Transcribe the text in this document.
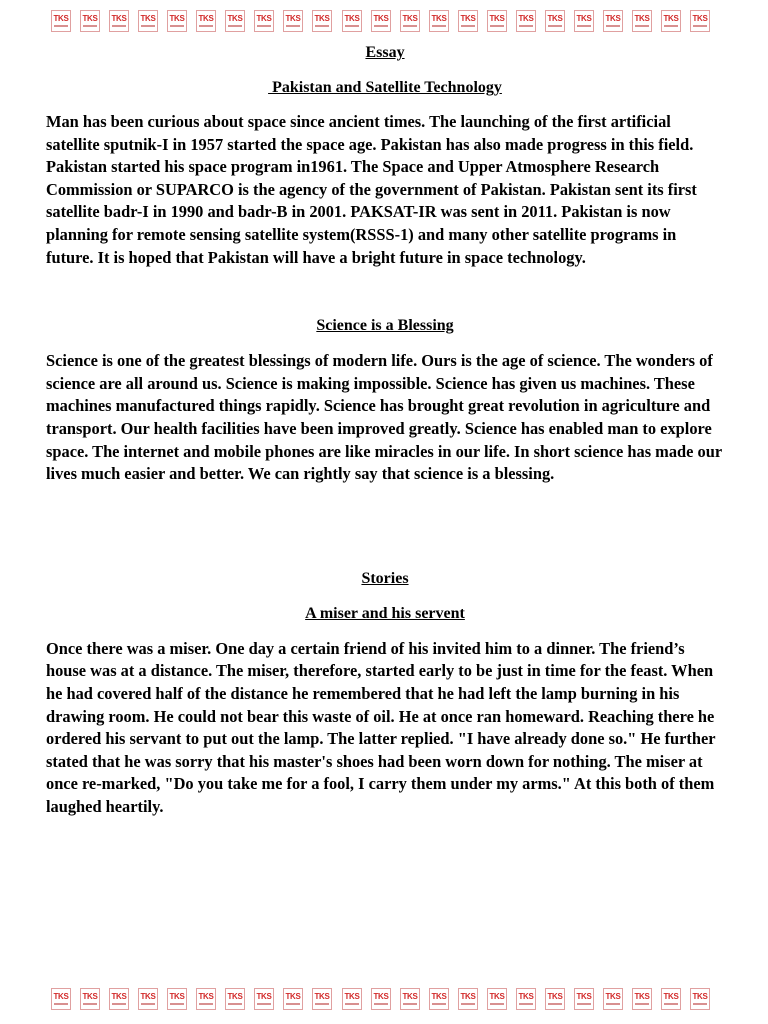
TKS TKS TKS TKS TKS TKS TKS TKS TKS TKS TKS TKS TKS TKS TKS TKS TKS TKS TKS TKS TKS TKS TKS
Essay
Pakistan and Satellite Technology

Man has been curious about space since ancient times. The launching of the first artificial satellite sputnik-I in 1957 started the space age. Pakistan has also made progress in this field. Pakistan started his space program in1961. The Space and Upper Atmosphere Research Commission or SUPARCO is the agency of the government of Pakistan. Pakistan sent its first satellite badr-I in 1990 and badr-B in 2001. PAKSAT-IR was sent in 2011. Pakistan is now planning for remote sensing satellite system(RSSS-1) and many other satellite programs in future. It is hoped that Pakistan will have a bright future in space technology.

Science is a Blessing

Science is one of the greatest blessings of modern life. Ours is the age of science. The wonders of science are all around us. Science is making impossible. Science has given us machines. These machines manufactured things rapidly. Science has brought great revolution in agriculture and transport. Our health facilities have been improved greatly. Science has enabled man to explore space. The internet and mobile phones are like miracles in our life. In short science has made our lives much easier and better. We can rightly say that science is a blessing.

Stories
A miser and his servent

Once there was a miser. One day a certain friend of his invited him to a dinner. The friend’s house was at a distance. The miser, therefore, started early to be just in time for the feast. When he had covered half of the distance he remembered that he had left the lamp burning in his drawing room. He could not bear this waste of oil. He at once ran homeward. Reaching there he ordered his servant to put out the lamp. The latter replied. "I have already done so." He further stated that he was sorry that his master's shoes had been worn down for nothing. The miser at once re-marked, "Do you take me for a fool, I carry them under my arms." At this both of them laughed heartily.

TKS TKS TKS TKS TKS TKS TKS TKS TKS TKS TKS TKS TKS TKS TKS TKS TKS TKS TKS TKS TKS TKS TKS
